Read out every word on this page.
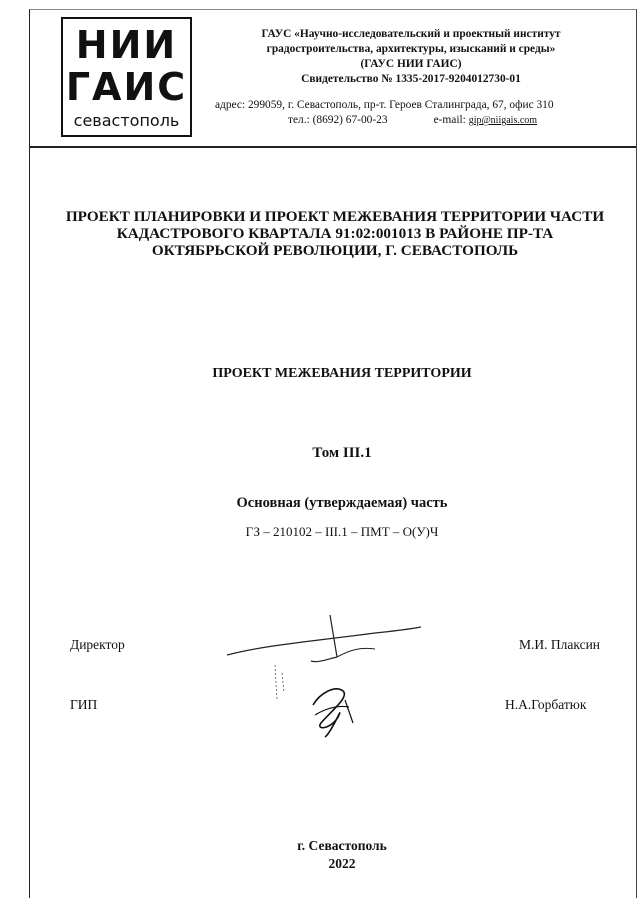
НИИ
ГАИС
севастополь
ГАУС «Научно-исследовательский и проектный институт
градостроительства, архитектуры, изысканий и среды»
(ГАУС НИИ ГАИС)
Свидетельство № 1335-2017-9204012730-01
адрес: 299059, г. Севастополь, пр-т. Героев Сталинграда, 67, офис 310
тел.: (8692) 67-00-23	e-mail: gip@niigais.com
ПРОЕКТ ПЛАНИРОВКИ И ПРОЕКТ МЕЖЕВАНИЯ ТЕРРИТОРИИ ЧАСТИ
КАДАСТРОВОГО КВАРТАЛА 91:02:001013 В РАЙОНЕ ПР-ТА
ОКТЯБРЬСКОЙ РЕВОЛЮЦИИ, Г. СЕВАСТОПОЛЬ
ПРОЕКТ МЕЖЕВАНИЯ ТЕРРИТОРИИ
Том III.1
Основная (утверждаемая) часть
ГЗ – 210102 – III.1 – ПМТ – О(У)Ч
Директор	М.И. Плаксин
ГИП	Н.А.Горбатюк
г. Севастополь
2022
